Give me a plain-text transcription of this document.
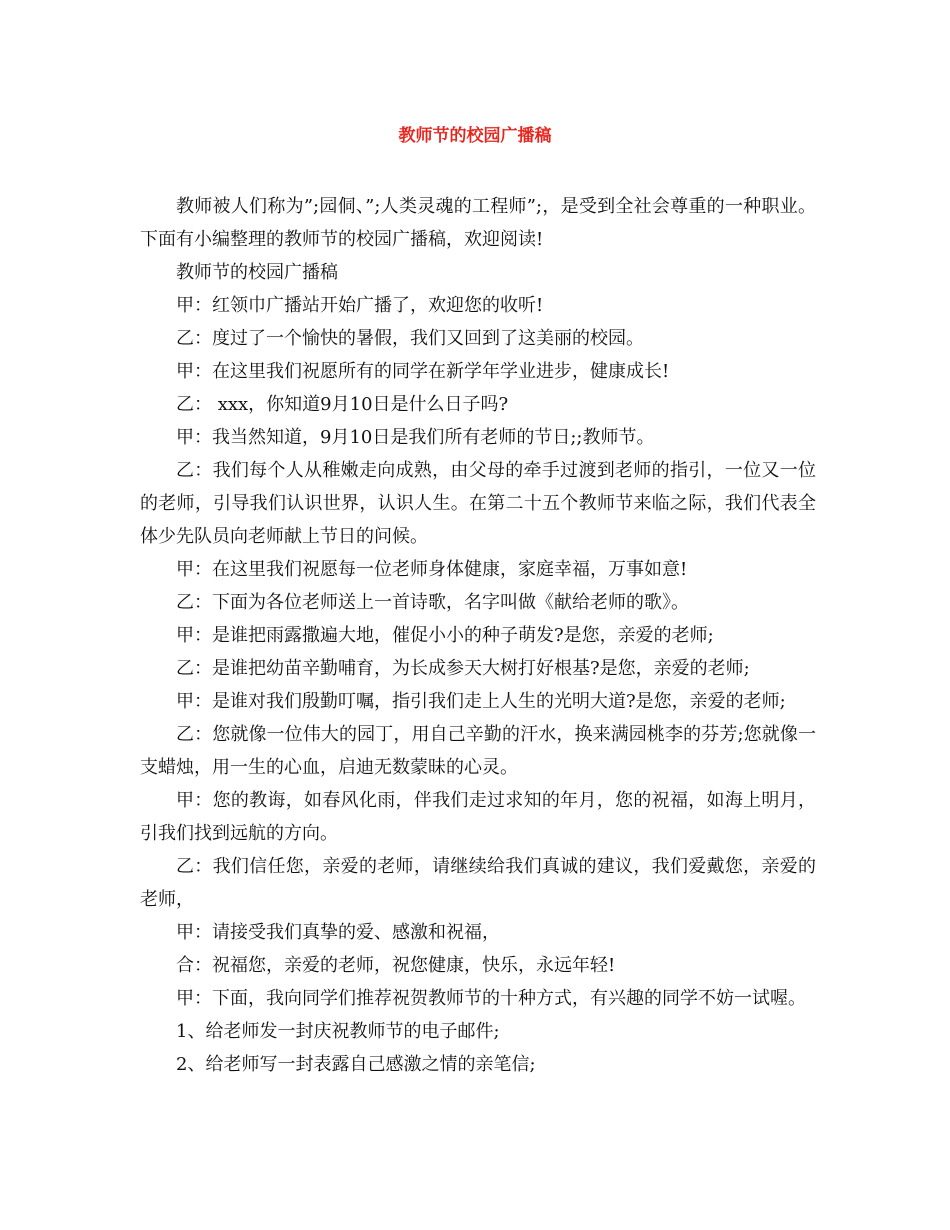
教师节的校园广播稿

教师被人们称为”;园侗、”;人类灵魂的工程师”;，是受到全社会尊重的一种职业。下面有小编整理的教师节的校园广播稿，欢迎阅读!

教师节的校园广播稿

甲：红领巾广播站开始广播了，欢迎您的收听!

乙：度过了一个愉快的暑假，我们又回到了这美丽的校园。

甲：在这里我们祝愿所有的同学在新学年学业进步，健康成长!

乙： xxx，你知道9月10日是什么日子吗?

甲：我当然知道，9月10日是我们所有老师的节日;;教师节。

乙：我们每个人从稚嫩走向成熟，由父母的牵手过渡到老师的指引，一位又一位的老师，引导我们认识世界，认识人生。在第二十五个教师节来临之际，我们代表全体少先队员向老师献上节日的问候。

甲：在这里我们祝愿每一位老师身体健康，家庭幸福，万事如意!

乙：下面为各位老师送上一首诗歌，名字叫做《献给老师的歌》。

甲：是谁把雨露撒遍大地，催促小小的种子萌发?是您，亲爱的老师;

乙：是谁把幼苗辛勤哺育，为长成参天大树打好根基?是您，亲爱的老师;

甲：是谁对我们殷勤叮嘱，指引我们走上人生的光明大道?是您，亲爱的老师;

乙：您就像一位伟大的园丁，用自己辛勤的汗水，换来满园桃李的芬芳;您就像一支蜡烛，用一生的心血，启迪无数蒙昧的心灵。

甲：您的教诲，如春风化雨，伴我们走过求知的年月，您的祝福，如海上明月，引我们找到远航的方向。

乙：我们信任您，亲爱的老师，请继续给我们真诚的建议，我们爱戴您，亲爱的老师，

甲：请接受我们真挚的爱、感激和祝福，

合：祝福您，亲爱的老师，祝您健康，快乐，永远年轻!

甲：下面，我向同学们推荐祝贺教师节的十种方式，有兴趣的同学不妨一试喔。

1、给老师发一封庆祝教师节的电子邮件;

2、给老师写一封表露自己感激之情的亲笔信;
